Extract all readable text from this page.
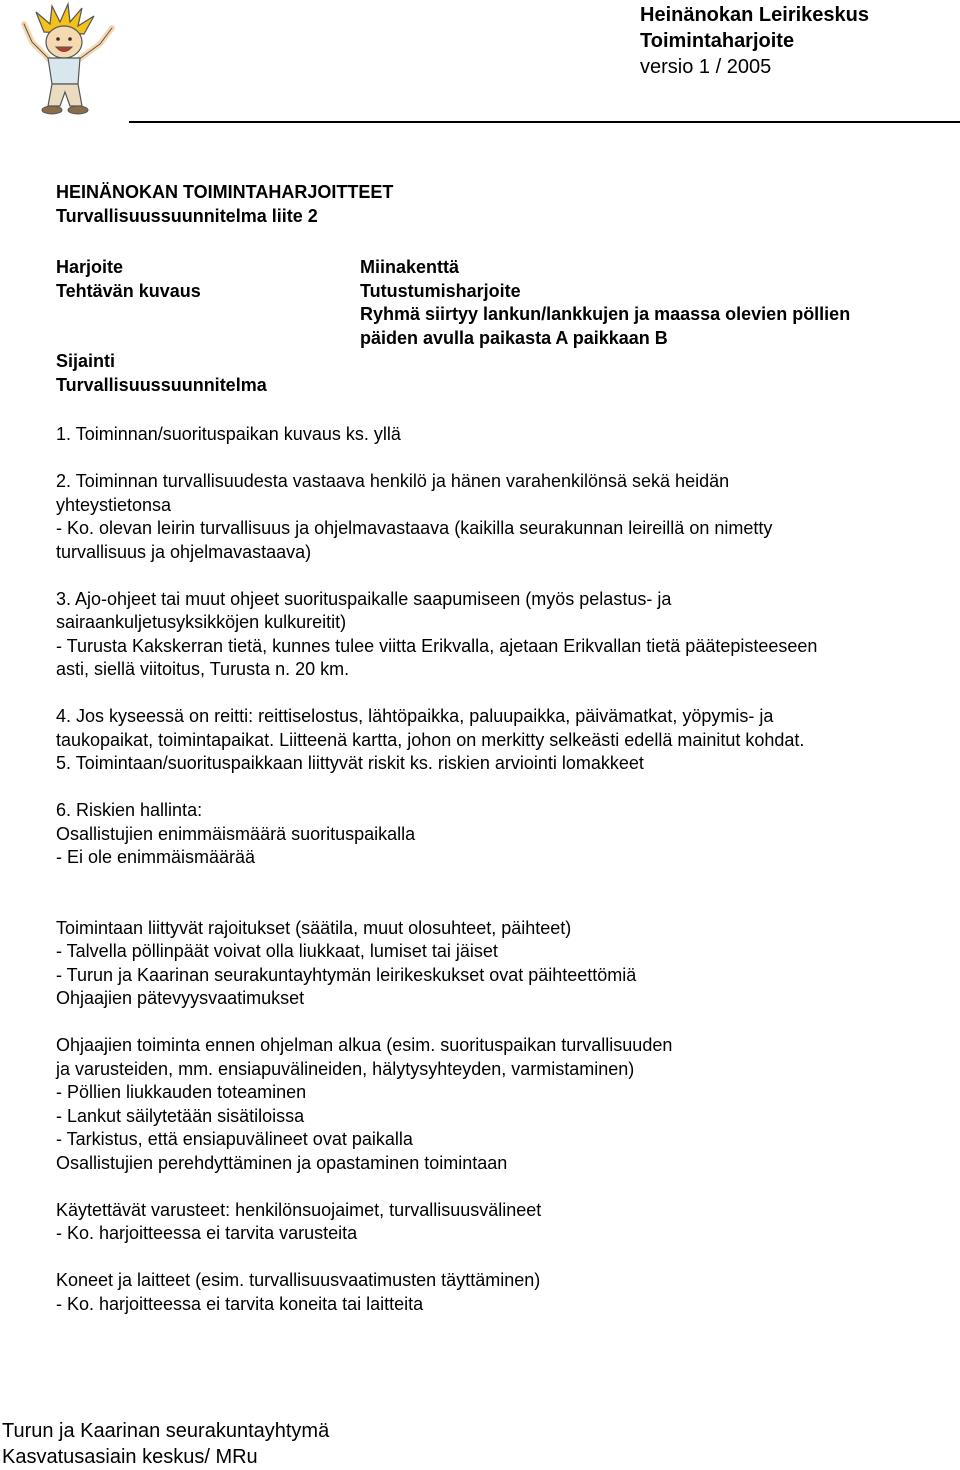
Heinänokan Leirikeskus
Toimintaharjoite
versio 1 / 2005

HEINÄNOKAN TOIMINTAHARJOITTEET

Turvallisuussuunnitelma liite 2

Harjoite	Miinakenttä
Tehtävän kuvaus	Tutustumisharjoite
Ryhmä siirtyy lankun/lankkujen ja maassa olevien pöllien
päiden avulla paikasta A paikkaan B
Sijainti
Turvallisuussuunnitelma

1. Toiminnan/suorituspaikan kuvaus ks. yllä

2. Toiminnan turvallisuudesta vastaava henkilö ja hänen varahenkilönsä sekä heidän

yhteystietonsa

- Ko. olevan leirin turvallisuus ja ohjelmavastaava (kaikilla seurakunnan leireillä on nimetty

turvallisuus ja ohjelmavastaava)

3. Ajo-ohjeet tai muut ohjeet suorituspaikalle saapumiseen (myös pelastus- ja

sairaankuljetusyksikköjen kulkureitit)

- Turusta Kakskerran tietä, kunnes tulee viitta Erikvalla, ajetaan Erikvallan tietä päätepisteeseen

asti, siellä viitoitus, Turusta n. 20 km.

4. Jos kyseessä on reitti: reittiselostus, lähtöpaikka, paluupaikka, päivämatkat, yöpymis- ja

taukopaikat, toimintapaikat. Liitteenä kartta, johon on merkitty selkeästi edellä mainitut kohdat.

5. Toimintaan/suorituspaikkaan liittyvät riskit ks. riskien arviointi lomakkeet

6. Riskien hallinta:

Osallistujien enimmäismäärä suorituspaikalla

- Ei ole enimmäismäärää

Toimintaan liittyvät rajoitukset (säätila, muut olosuhteet, päihteet)

- Talvella pöllinpäät voivat olla liukkaat, lumiset tai jäiset

- Turun ja Kaarinan seurakuntayhtymän leirikeskukset ovat päihteettömiä

Ohjaajien pätevyysvaatimukset

Ohjaajien toiminta ennen ohjelman alkua (esim. suorituspaikan turvallisuuden

ja varusteiden, mm. ensiapuvälineiden, hälytysyhteyden, varmistaminen)

- Pöllien liukkauden toteaminen

- Lankut säilytetään sisätiloissa

- Tarkistus, että ensiapuvälineet ovat paikalla

Osallistujien perehdyttäminen ja opastaminen toimintaan

Käytettävät varusteet: henkilönsuojaimet, turvallisuusvälineet

- Ko. harjoitteessa ei tarvita varusteita

Koneet ja laitteet (esim. turvallisuusvaatimusten täyttäminen)

- Ko. harjoitteessa ei tarvita koneita tai laitteita

Turun ja Kaarinan seurakuntayhtymä
Kasvatusasiain keskus/ MRu
